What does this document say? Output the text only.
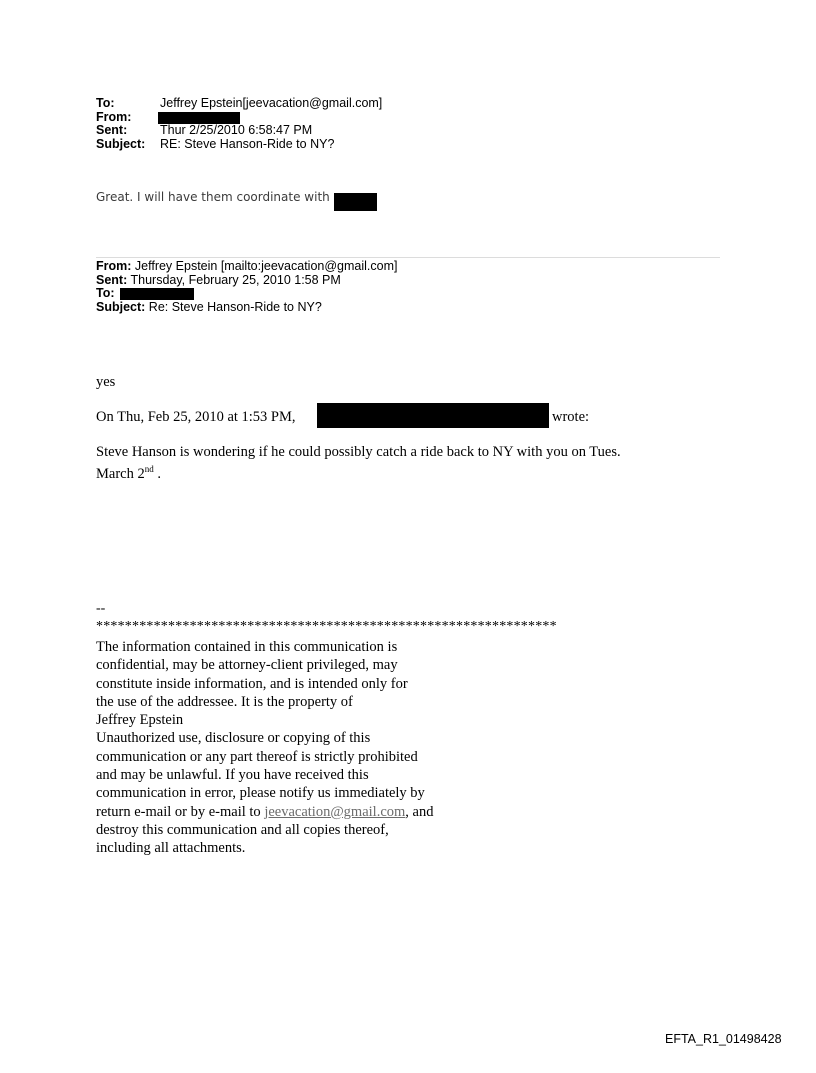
To:	Jeffrey Epstein[jeevacation@gmail.com]
From:
Sent:	Thur 2/25/2010 6:58:47 PM
Subject: RE: Steve Hanson-Ride to NY?
Great. I will have them coordinate with
From: Jeffrey Epstein [mailto:jeevacation@gmail.com]
Sent: Thursday, February 25, 2010 1:58 PM
To:
Subject: Re: Steve Hanson-Ride to NY?
yes
On Thu, Feb 25, 2010 at 1:53 PM,	wrote:
Steve Hanson is wondering if he could possibly catch a ride back to NY with you on Tues.
March 2nd .
--
****************************************************************
The information contained in this communication is
confidential, may be attorney-client privileged, may
constitute inside information, and is intended only for
the use of the addressee. It is the property of
Jeffrey Epstein
Unauthorized use, disclosure or copying of this
communication or any part thereof is strictly prohibited
and may be unlawful. If you have received this
communication in error, please notify us immediately by
return e-mail or by e-mail to jeevacation@gmail.com, and
destroy this communication and all copies thereof,
including all attachments.
EFTA_R1_01498428
